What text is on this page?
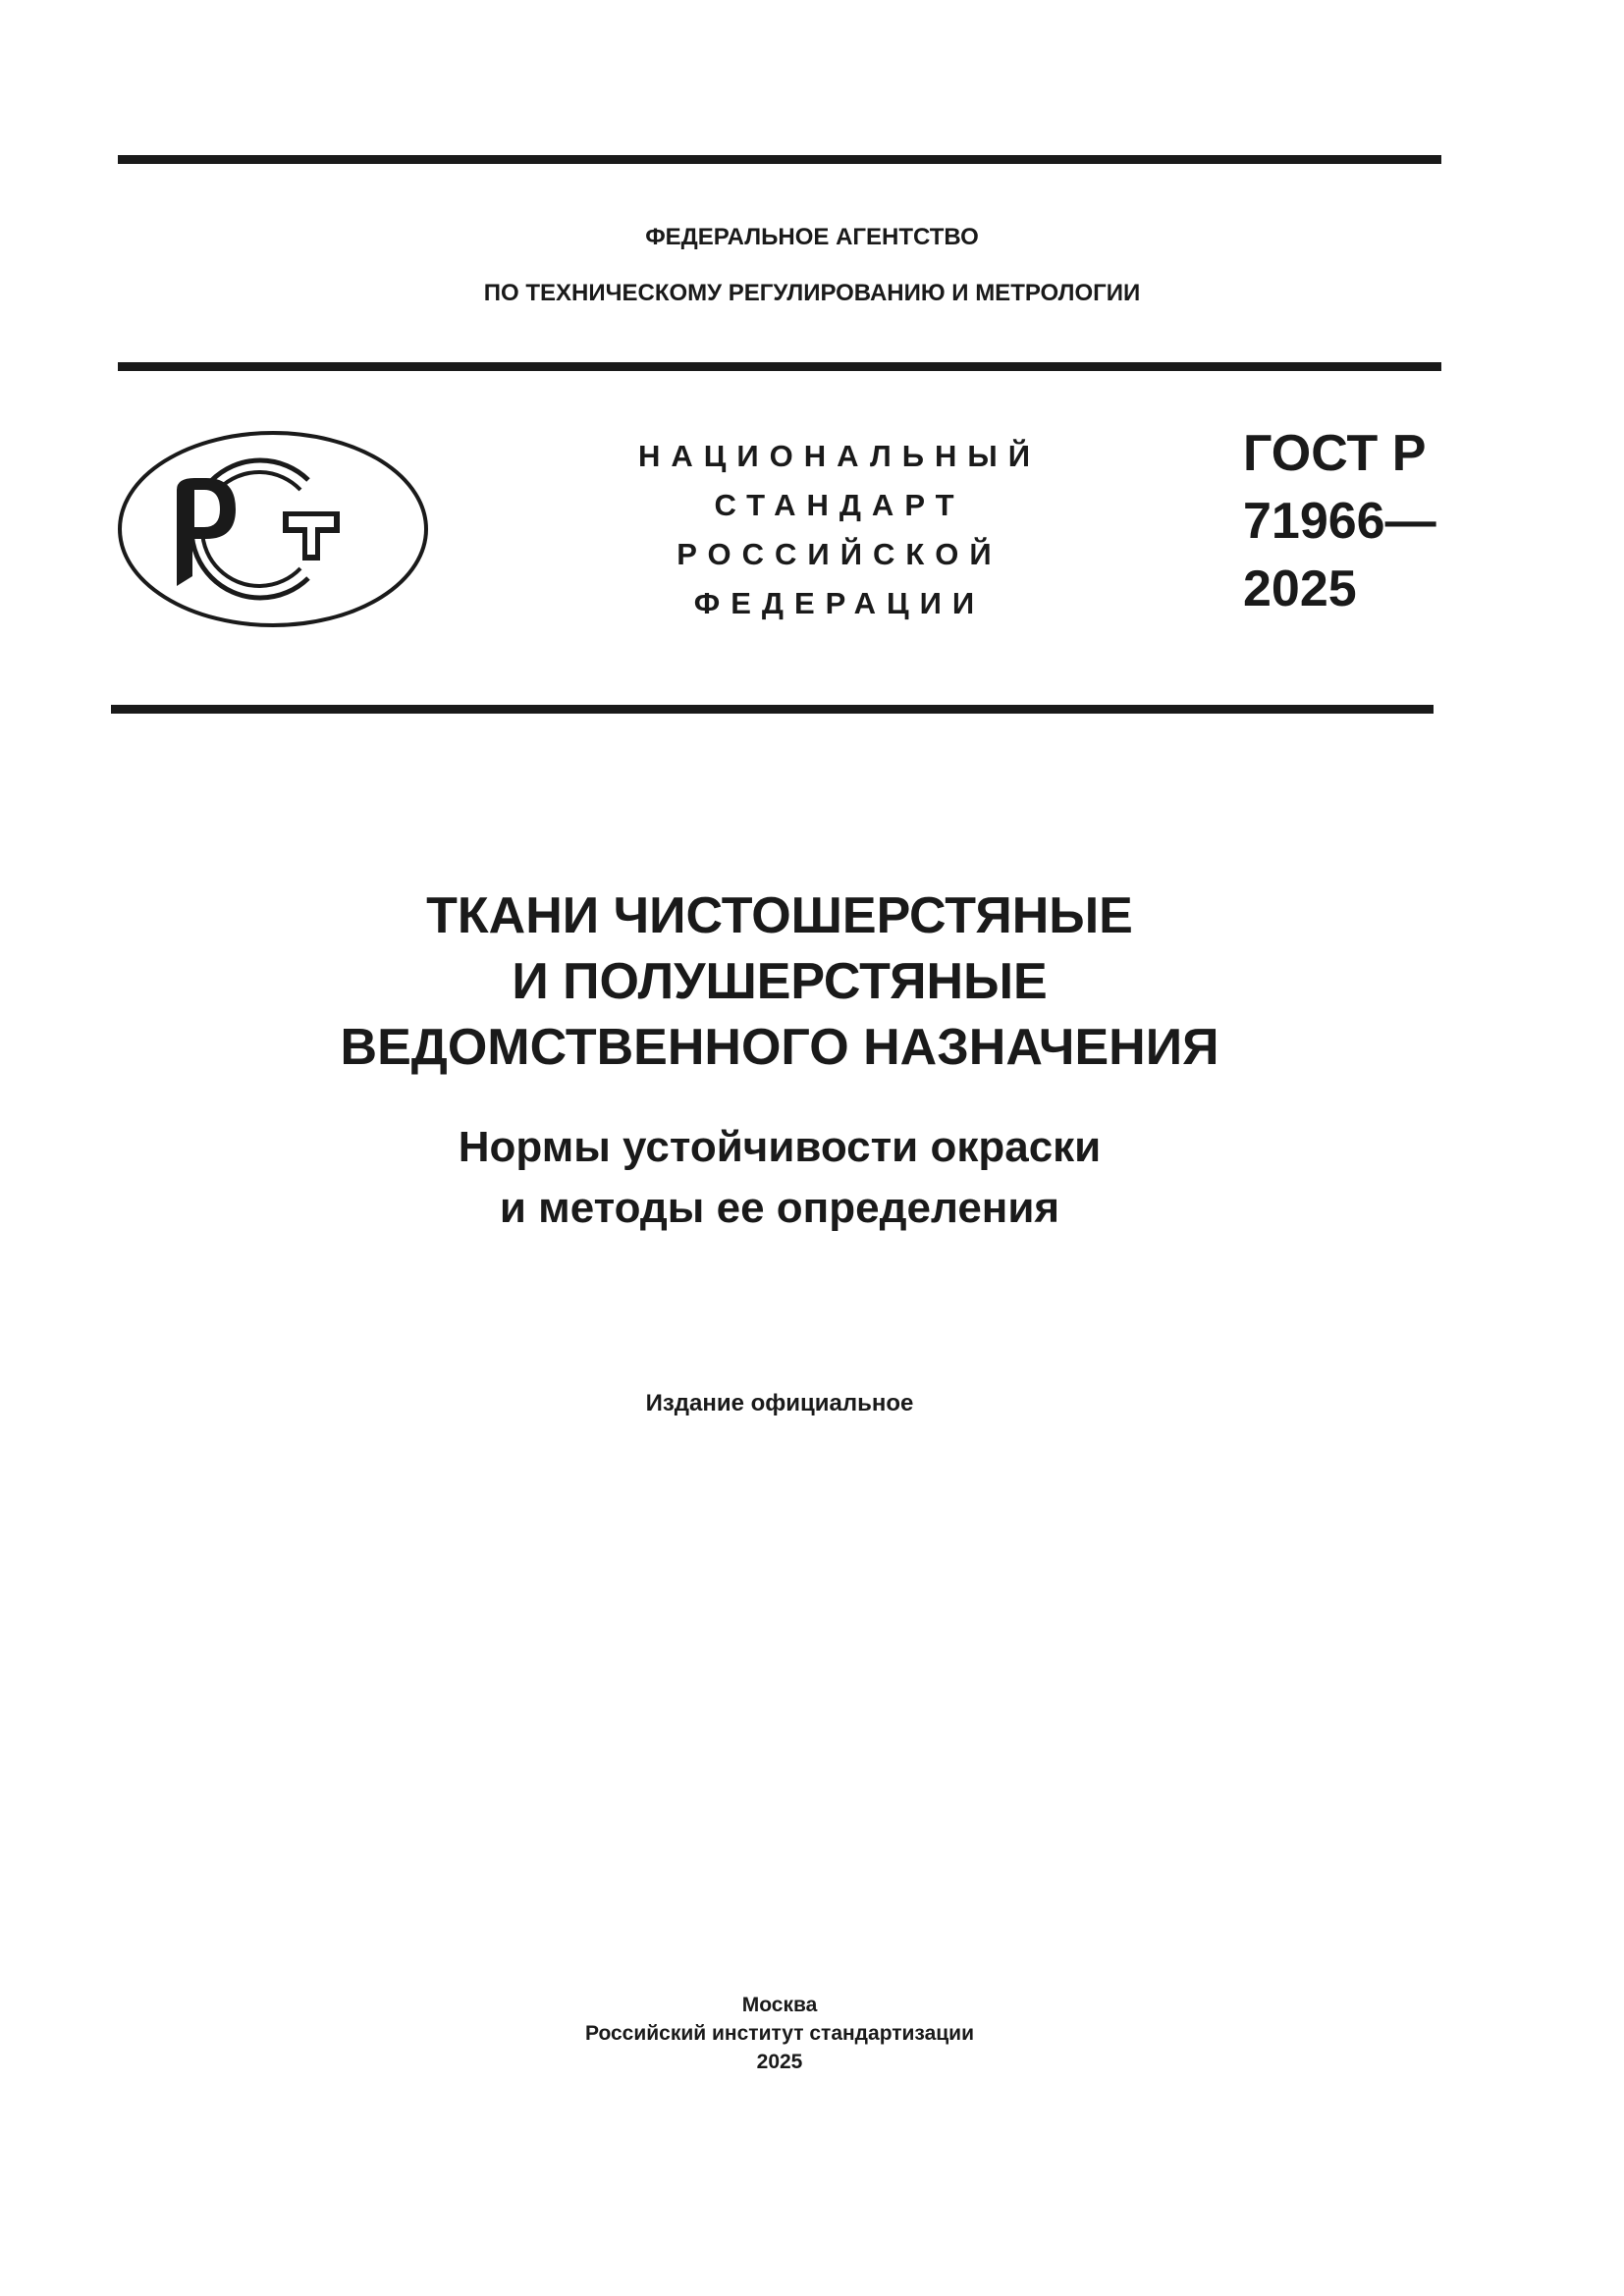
ФЕДЕРАЛЬНОЕ АГЕНТСТВО
ПО ТЕХНИЧЕСКОМУ РЕГУЛИРОВАНИЮ И МЕТРОЛОГИИ
НАЦИОНАЛЬНЫЙ
СТАНДАРТ
РОССИЙСКОЙ
ФЕДЕРАЦИИ
ГОСТ Р
71966—
2025
ТКАНИ ЧИСТОШЕРСТЯНЫЕ
И ПОЛУШЕРСТЯНЫЕ
ВЕДОМСТВЕННОГО НАЗНАЧЕНИЯ
Нормы устойчивости окраски
и методы ее определения
Издание официальное
Москва
Российский институт стандартизации
2025
